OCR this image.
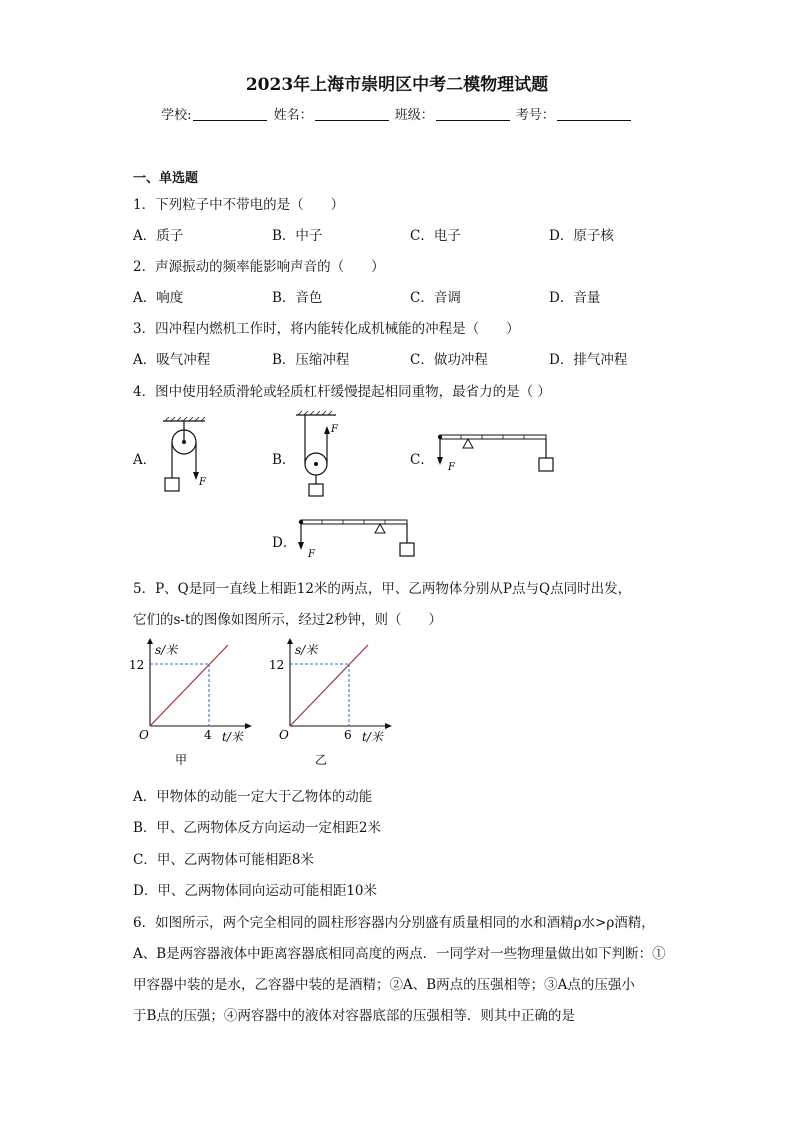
2023年上海市崇明区中考二模物理试题
学校:	姓名：	班级：	考号：
一、单选题
1．下列粒子中不带电的是（　　）
A．质子	B．中子	C．电子	D．原子核
2．声源振动的频率能影响声音的（　　）
A．响度	B．音色	C．音调	D．音量
3．四冲程内燃机工作时，将内能转化成机械能的冲程是（　　）
A．吸气冲程	B．压缩冲程	C．做功冲程	D．排气冲程
4．图中使用轻质滑轮或轻质杠杆缓慢提起相同重物，最省力的是（ ）
A．	B．	C．
D．
F
F
F
F
5．P、Q是同一直线上相距12米的两点，甲、乙两物体分别从P点与Q点同时出发，
它们的s-t的图像如图所示，经过2秒钟，则（　　）
s/米
12
O	4 t/米
甲
s/米
12
O	6 t/米
乙
A．甲物体的动能一定大于乙物体的动能
B．甲、乙两物体反方向运动一定相距2米
C．甲、乙两物体可能相距8米
D．甲、乙两物体同向运动可能相距10米
6．如图所示，两个完全相同的圆柱形容器内分别盛有质量相同的水和酒精ρ水>ρ酒精，
A、B是两容器液体中距离容器底相同高度的两点．一同学对一些物理量做出如下判断：①
甲容器中装的是水，乙容器中装的是酒精；②A、B两点的压强相等；③A点的压强小
于B点的压强；④两容器中的液体对容器底部的压强相等．则其中正确的是
